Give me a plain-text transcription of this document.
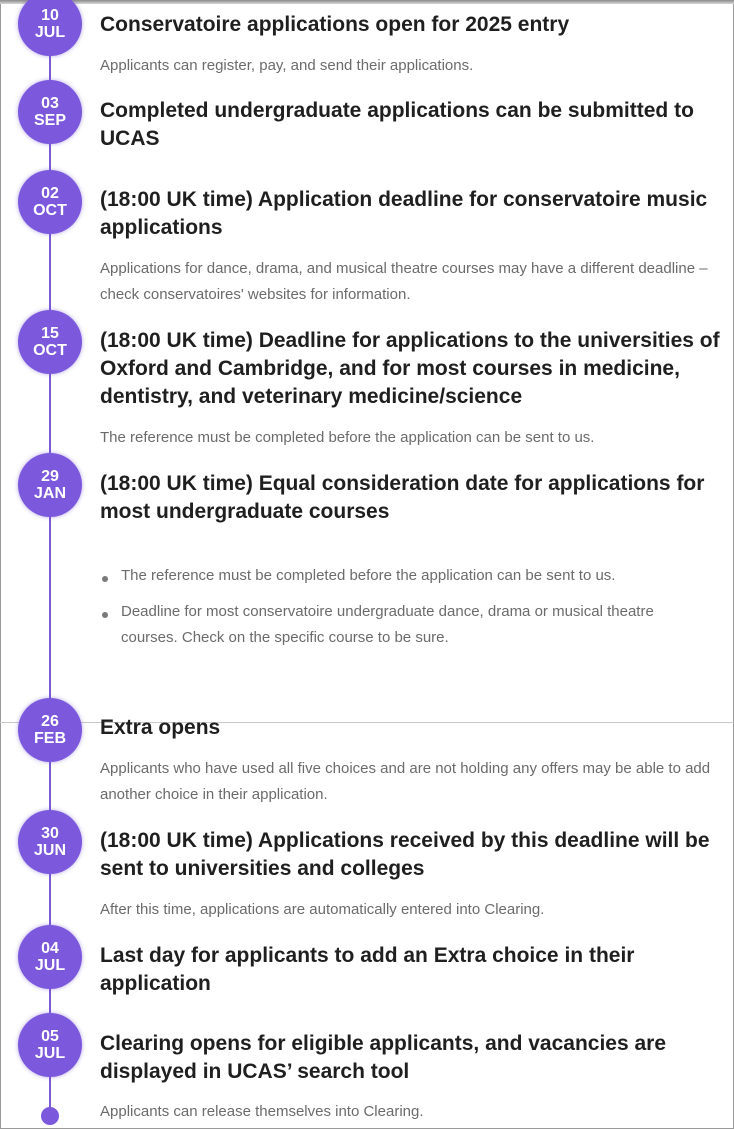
10
JUL Conservatoire applications open for 2025 entry

Applicants can register, pay, and send their applications.

03
SEP Completed undergraduate applications can be submitted to UCAS

02
OCT (18:00 UK time) Application deadline for conservatoire music applications

Applications for dance, drama, and musical theatre courses may have a different deadline – check conservatoires' websites for information.

15
OCT (18:00 UK time) Deadline for applications to the universities of Oxford and Cambridge, and for most courses in medicine, dentistry, and veterinary medicine/science

The reference must be completed before the application can be sent to us.

29
JAN (18:00 UK time) Equal consideration date for applications for most undergraduate courses

The reference must be completed before the application can be sent to us.
Deadline for most conservatoire undergraduate dance, drama or musical theatre courses. Check on the specific course to be sure.
26
FEB Extra opens

Applicants who have used all five choices and are not holding any offers may be able to add another choice in their application.

30
JUN (18:00 UK time) Applications received by this deadline will be sent to universities and colleges

After this time, applications are automatically entered into Clearing.

04
JUL Last day for applicants to add an Extra choice in their application

05
JUL Clearing opens for eligible applicants, and vacancies are displayed in UCAS’ search tool

Applicants can release themselves into Clearing.
